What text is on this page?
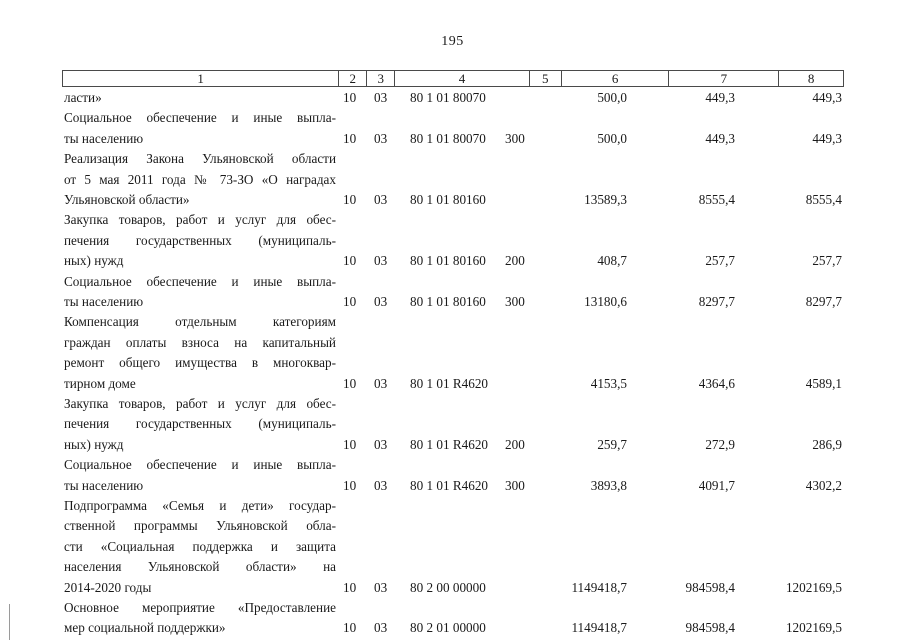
195
1	2	3	4	5	6	7	8
ласти»	10 03 80 1 01 80070	500,0	449,3	449,3
Социальное обеспечение и иные выпла-
ты населению	10 03 80 1 01 80070 300	500,0	449,3	449,3
Реализация Закона Ульяновской области
от 5 мая 2011 года № 73-ЗО «О наградах
Ульяновской области»	10 03 80 1 01 80160	13589,3	8555,4	8555,4
Закупка товаров, работ и услуг для обес-
печения государственных (муниципаль-
ных) нужд	10 03 80 1 01 80160 200	408,7	257,7	257,7
Социальное обеспечение и иные выпла-
ты населению	10 03 80 1 01 80160 300	13180,6	8297,7	8297,7
Компенсация отдельным категориям
граждан оплаты взноса на капитальный
ремонт общего имущества в многоквар-
тирном доме	10 03 80 1 01 R4620	4153,5	4364,6	4589,1
Закупка товаров, работ и услуг для обес-
печения государственных (муниципаль-
ных) нужд	10 03 80 1 01 R4620 200	259,7	272,9	286,9
Социальное обеспечение и иные выпла-
ты населению	10 03 80 1 01 R4620 300	3893,8	4091,7	4302,2
Подпрограмма «Семья и дети» государ-
ственной программы Ульяновской обла-
сти «Социальная поддержка и защита
населения Ульяновской области» на
2014-2020 годы	10 03 80 2 00 00000	1149418,7	984598,4	1202169,5
Основное мероприятие «Предоставление
мер социальной поддержки»	10 03 80 2 01 00000	1149418,7	984598,4	1202169,5
